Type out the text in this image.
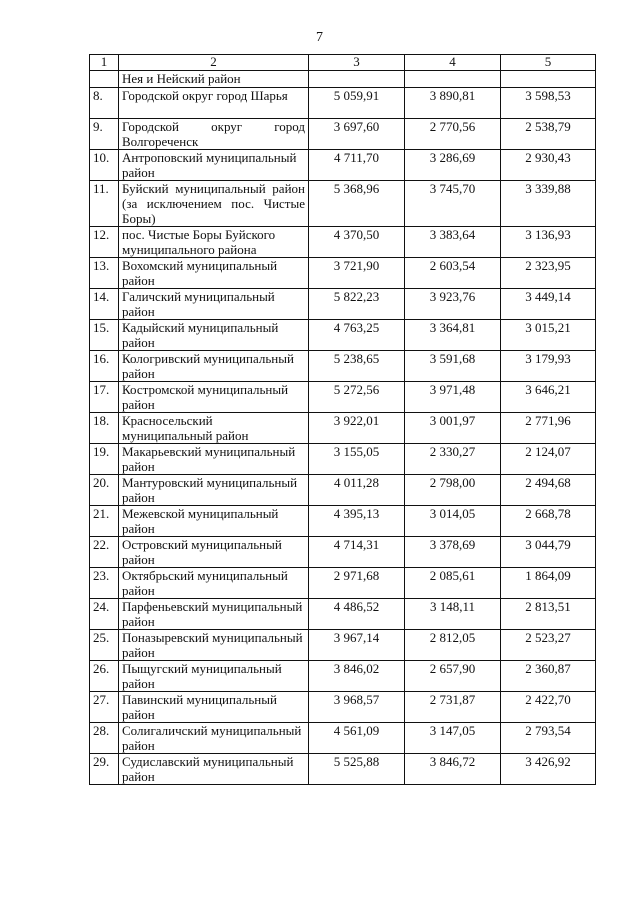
7
1	2	3	4	5
	Нея и Нейский район			
8.	Городской округ город Шарья	5 059,91	3 890,81	3 598,53
9.	Городской округ город Волгореченск	3 697,60	2 770,56	2 538,79
10.	Антроповский муниципальный район	4 711,70	3 286,69	2 930,43
11.	Буйский муниципальный район (за исключением пос. Чистые Боры)	5 368,96	3 745,70	3 339,88
12.	пос. Чистые Боры Буйского муниципального района	4 370,50	3 383,64	3 136,93
13.	Вохомский муниципальный район	3 721,90	2 603,54	2 323,95
14.	Галичский муниципальный район	5 822,23	3 923,76	3 449,14
15.	Кадыйский муниципальный район	4 763,25	3 364,81	3 015,21
16.	Кологривский муниципальный район	5 238,65	3 591,68	3 179,93
17.	Костромской муниципальный район	5 272,56	3 971,48	3 646,21
18.	Красносельский муниципальный район	3 922,01	3 001,97	2 771,96
19.	Макарьевский муниципальный район	3 155,05	2 330,27	2 124,07
20.	Мантуровский муниципальный район	4 011,28	2 798,00	2 494,68
21.	Межевской муниципальный район	4 395,13	3 014,05	2 668,78
22.	Островский муниципальный район	4 714,31	3 378,69	3 044,79
23.	Октябрьский муниципальный район	2 971,68	2 085,61	1 864,09
24.	Парфеньевский муниципальный район	4 486,52	3 148,11	2 813,51
25.	Поназыревский муниципальный район	3 967,14	2 812,05	2 523,27
26.	Пыщугский муниципальный район	3 846,02	2 657,90	2 360,87
27.	Павинский муниципальный район	3 968,57	2 731,87	2 422,70
28.	Солигаличский муниципальный район	4 561,09	3 147,05	2 793,54
29.	Судиславский муниципальный район	5 525,88	3 846,72	3 426,92
